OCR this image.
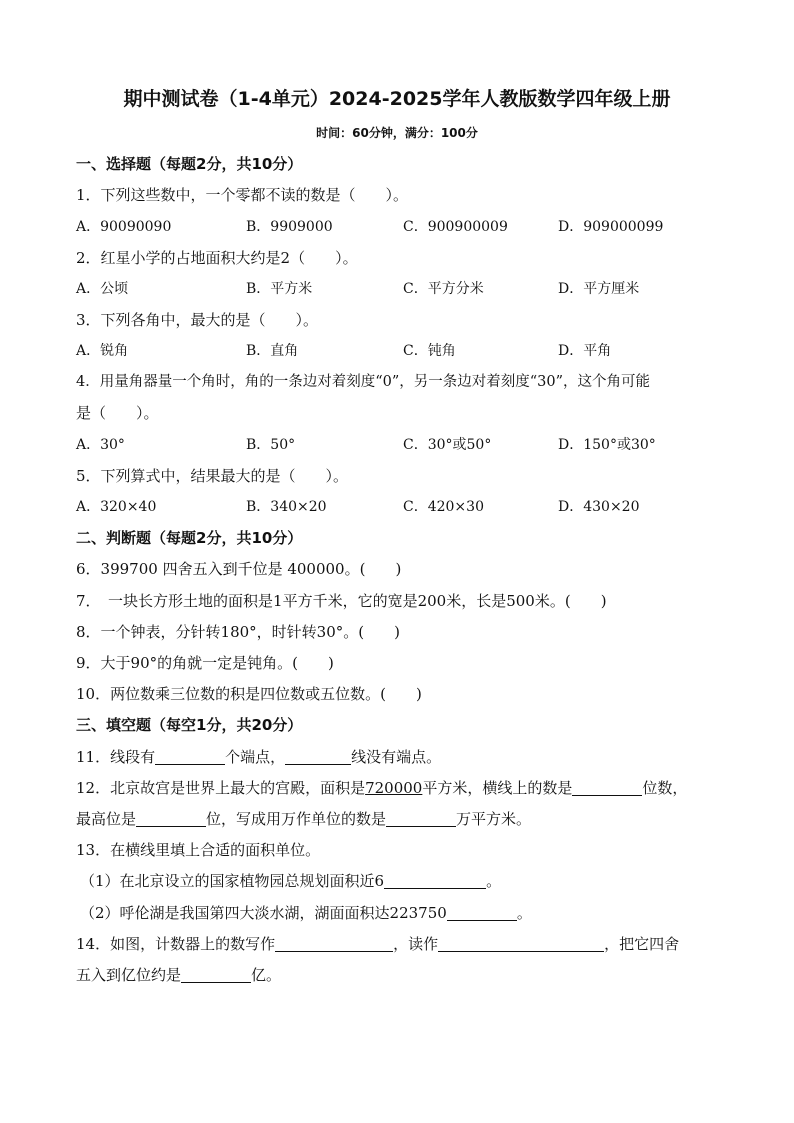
期中测试卷（1-4单元）2024-2025学年人教版数学四年级上册
时间：60分钟，满分：100分
一、选择题（每题2分，共10分）
1．下列这些数中，一个零都不读的数是（　　）。
A．90090090	B．9909000	C．900900009	D．909000099
2．红星小学的占地面积大约是2（　　）。
A．公顷	B．平方米	C．平方分米	D．平方厘米
3．下列各角中，最大的是（　　）。
A．锐角	B．直角	C．钝角	D．平角
4．用量角器量一个角时，角的一条边对着刻度“0”，另一条边对着刻度“30”，这个角可能
是（　　）。
A．30°	B．50°	C．30°或50°	D．150°或30°
5．下列算式中，结果最大的是（　　）。
A．320×40	B．340×20	C．420×30	D．430×20
二、判断题（每题2分，共10分）
6．399700 四舍五入到千位是 400000。(　　)
7．　一块长方形土地的面积是1平方千米，它的宽是200米，长是500米。(　　)
8．一个钟表，分针转180°，时针转30°。(　　)
9．大于90°的角就一定是钝角。(　　)
10．两位数乘三位数的积是四位数或五位数。(　　)
三、填空题（每空1分，共20分）
11．线段有	个端点，	线没有端点。
12．北京故宫是世界上最大的宫殿，面积是720000平方米，横线上的数是	位数，
最高位是	位，写成用万作单位的数是	万平方米。
13．在横线里填上合适的面积单位。
（1）在北京设立的国家植物园总规划面积近6	。
（2）呼伦湖是我国第四大淡水湖，湖面面积达223750	。
14．如图，计数器上的数写作	，读作	，把它四舍
五入到亿位约是	亿。
